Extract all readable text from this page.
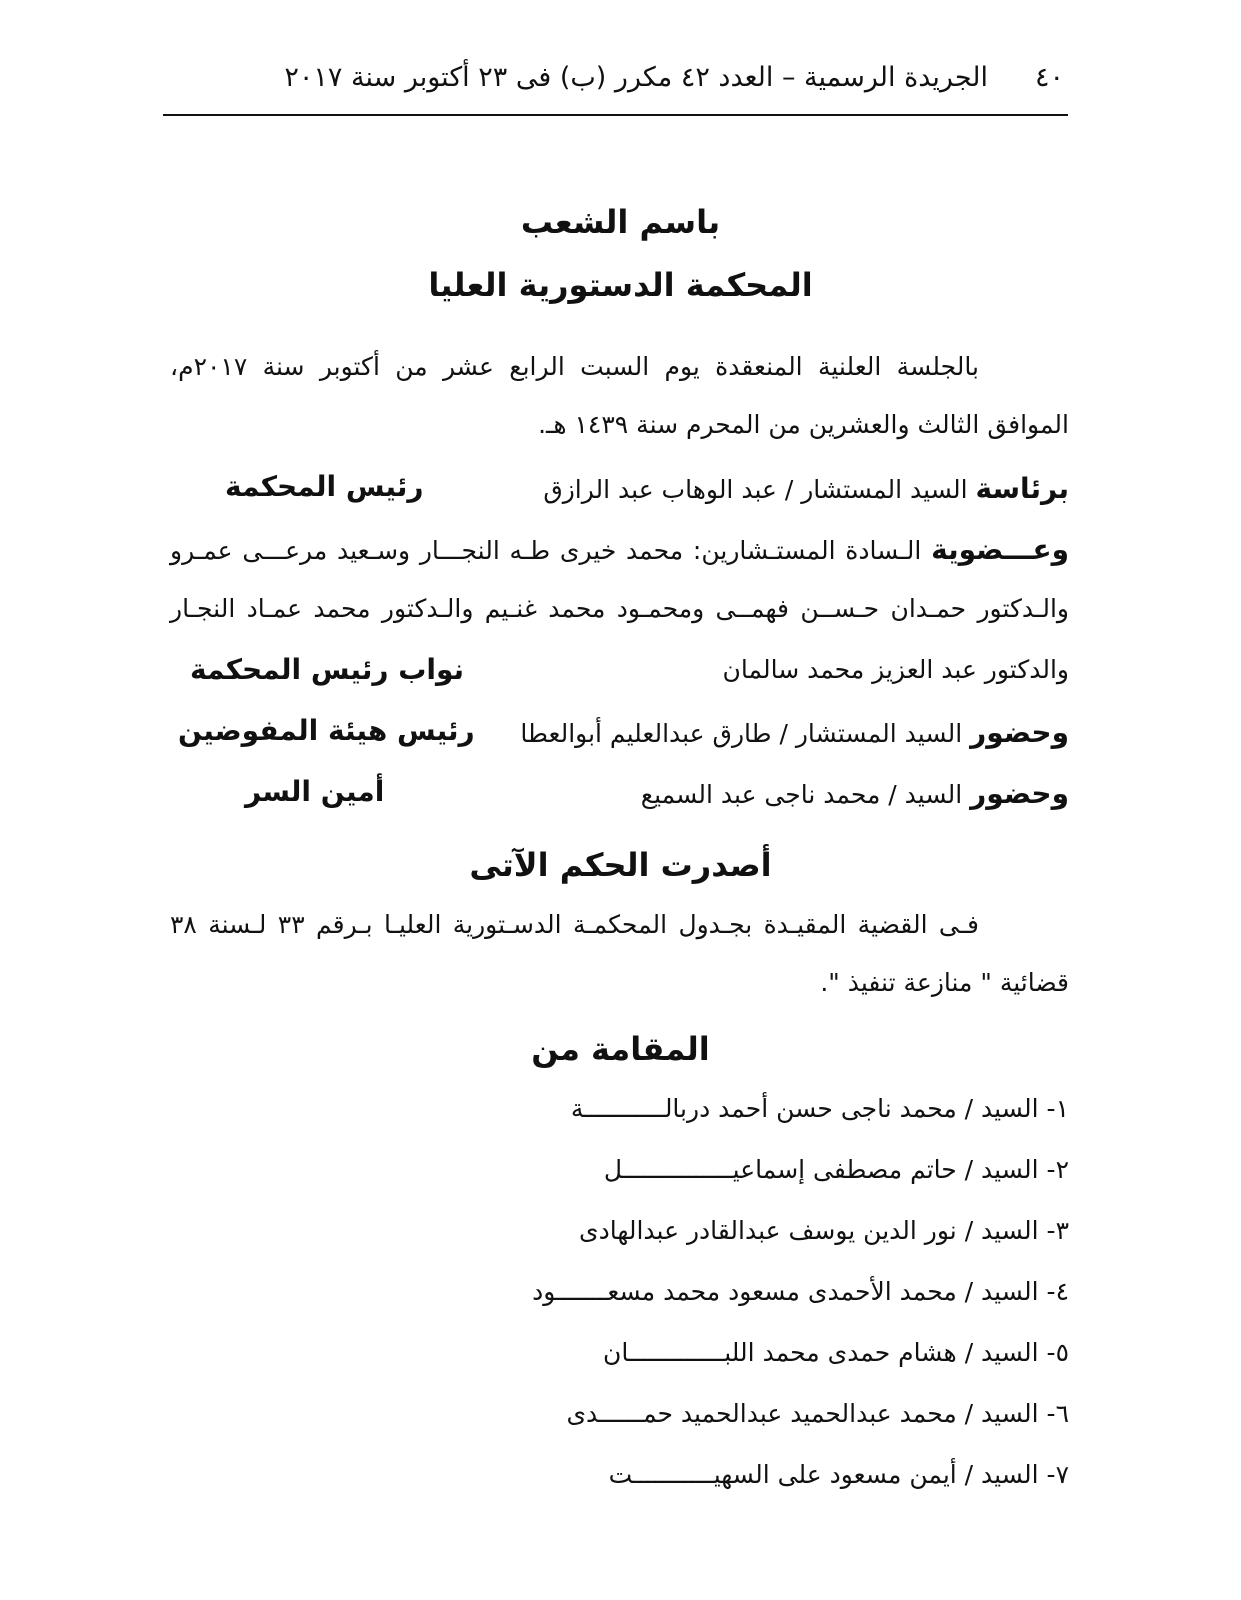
٤٠
الجريدة الرسمية – العدد ٤٢ مكرر (ب) فى ٢٣ أكتوبر سنة ٢٠١٧
باسم الشعب
المحكمة الدستورية العليا
بالجلسة العلنية المنعقدة يوم السبت الرابع عشر من أكتوبر سنة ٢٠١٧م،
الموافق الثالث والعشرين من المحرم سنة ١٤٣٩ هـ.
برئاسة السيد المستشار / عبد الوهاب عبد الرازق
رئيس المحكمة
وعـــضوية الـسادة المستـشارين: محمد خيرى طـه النجـــار وسـعيد مرعـــى عمـرو
والـدكتور حمـدان حـســن فهمــى ومحمـود محمد غنـيم والـدكتور محمد عمـاد النجـار
والدكتور عبد العزيز محمد سالمان
نواب رئيس المحكمة
وحضور السيد المستشار / طارق عبدالعليم أبوالعطا
رئيس هيئة المفوضين
وحضور السيد / محمد ناجى عبد السميع
أمين السر
أصدرت الحكم الآتى
فـى القضية المقيـدة بجـدول المحكمـة الدسـتورية العليـا بـرقم ٣٣ لـسنة ٣٨
قضائية " منازعة تنفيذ ".
المقامة من
١- السيد / محمد ناجى حسن أحمد دربالـــــــــــة
٢- السيد / حاتم مصطفى إسماعيـــــــــــــــل
٣- السيد / نور الدين يوسف عبدالقادر عبدالهادى
٤- السيد / محمد الأحمدى مسعود محمد مسعـــــــود
٥- السيد / هشام حمدى محمد اللبـــــــــــــان
٦- السيد / محمد عبدالحميد عبدالحميد حمــــــدى
٧- السيد / أيمن مسعود على السهيـــــــــــت
